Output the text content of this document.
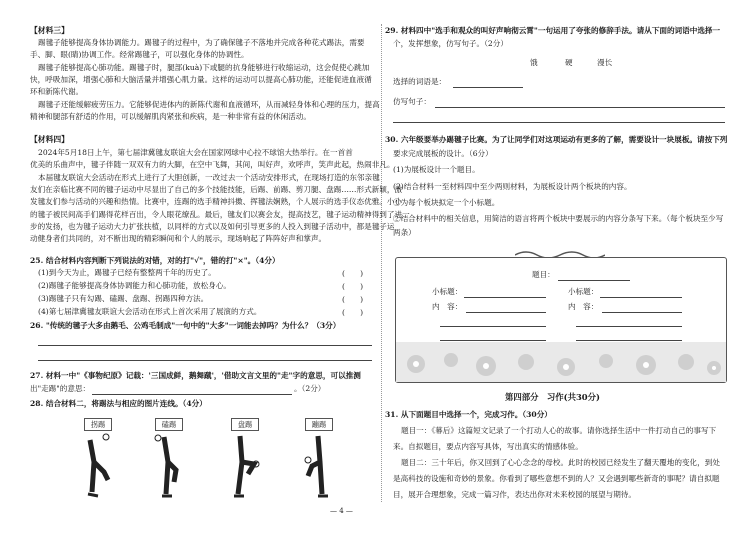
【材料三】
踢毽子能够提高身体协调能力。踢毽子的过程中，为了确保毽子不落地并完成各种花式踢法，需要
手、脚、眼(睛)协调工作。经常踢毽子，可以强化身体的协调性。
踢毽子能够提高心肺功能。踢毽子时，腿部(kuà)下或腿的抗身能够进行收缩运动，这会促使心跳加
快，呼吸加深，增强心肺和大脑活量并增强心肌力量。这样的运动可以提高心肺功能，还能促进血液循
环和新陈代谢。
踢毽子还能缓解疲劳压力。它能够促进体内的新陈代谢和血液循环，从而减轻身体和心理的压力，提高
精神和腿部有舒适的作用，可以缓解肌肉紧张和疾病，是一种非常有益的休闲活动。
【材料四】
2024年5月18日上午，第七届津冀毽友联谊大会在国家网球中心拉不球馆大热举行。在一首首
优美的乐曲声中，毽子伴随一双双有力的大脚，在空中飞舞，其间，叫好声，欢呼声，笑声此起，热闹非凡。
本届毽友联谊大会活动在形式上进行了大胆创新，一改过去一个活动安排形式，在现场打造的东邻亲毽
友们在亲临比赛不同的毽子运动中尽显出了自己的多个技能技能，后踢、前踢、剪刀腿、盘踢……形式新颖，激
发毽友们参与活动的兴趣和热情。比赛中，连踢的选手精神抖擞、挥毽法娴熟，个人展示的选手仪态优雅。小小
的毽子被民间高手们踢得花样百出，令人眼花缭乱。最后，毽友们以赛会友，提高技艺，毽子运动精神得到了进一
步的发扬，也为毽子运动大力扩张扶植，以同样的方式以及如何引导更多的人投入到毽子活动中，都是毽子运
动健身者们共同的，对不断出现的精彩瞬间和个人的展示，现场响起了阵阵好声和掌声。
25. 结合材料内容判断下列说法的对错，对的打"√"，错的打"×"。（4分）
(1)到今天为止，踢毽子已经有整整两千年的历史了。	(　　)
(2)踢毽子能够提高身体协调能力和心肺功能，放松身心。	(　　)
(3)踢毽子只有勾踢、磕踢、盘踢、拐踢四种方法。	(　　)
(4)第七届津冀毽友联谊大会活动在形式上首次采用了展演的方式。	(　　)
26. "传统的毽子大多由鹅毛、公鸡毛制成"一句中的"大多"一词能去掉吗？为什么？（3分）
27. 材料一中"《事物纪原》记载：'三国成鲜，鹅舞蹴'，'借助文言文里的"走"字的意思，可以推测
出"走踢"的意思：	。（2分）
28. 结合材料二，将踢法与相应的图片连线。（4分）
拐踢	磕踢	盘踢	蹦踢
29. 材料四中"选手和观众的叫好声响彻云霄"一句运用了夸张的修辞手法。请从下面的词语中选择一
个，发挥想象，仿写句子。（2分）
饿	硬	漫长
选择的词语是：
仿写句子：
30. 六年级要举办踢毽子比赛。为了让同学们对这项运动有更多的了解，需要设计一块展板。请按下列
要求完成展板的设计。（6分）
(1)为展板设计一个题目。
(2)结合材料一至材料四中至少两则材料，为展板设计两个板块的内容。
①为每个板块拟定一个小标题。
②结合材料中的相关信息，用简洁的语言将两个板块中要展示的内容分条写下来。（每个板块至少写
两条）
题目：
小标题：	小标题：
内　容：	内　容：
第四部分　习作(共30分)
31. 从下面题目中选择一个，完成习作。（30分）
题目一：《幕后》这篇短文记录了一个打动人心的故事。请你选择生活中一件打动自己的事写下
来。自拟题目，要点内容写具体，写出真实的情感体验。
题目二：三十年后，你又回到了心心念念的母校。此时的校园已经发生了翻天覆地的变化，到处
是高科技的设施和奇妙的景象。你看到了哪些意想不到的人？又会遇到哪些新奇的事呢？请自拟题
目，展开合理想象，完成一篇习作，表达出你对未来校园的展望与期待。
— 4 —
